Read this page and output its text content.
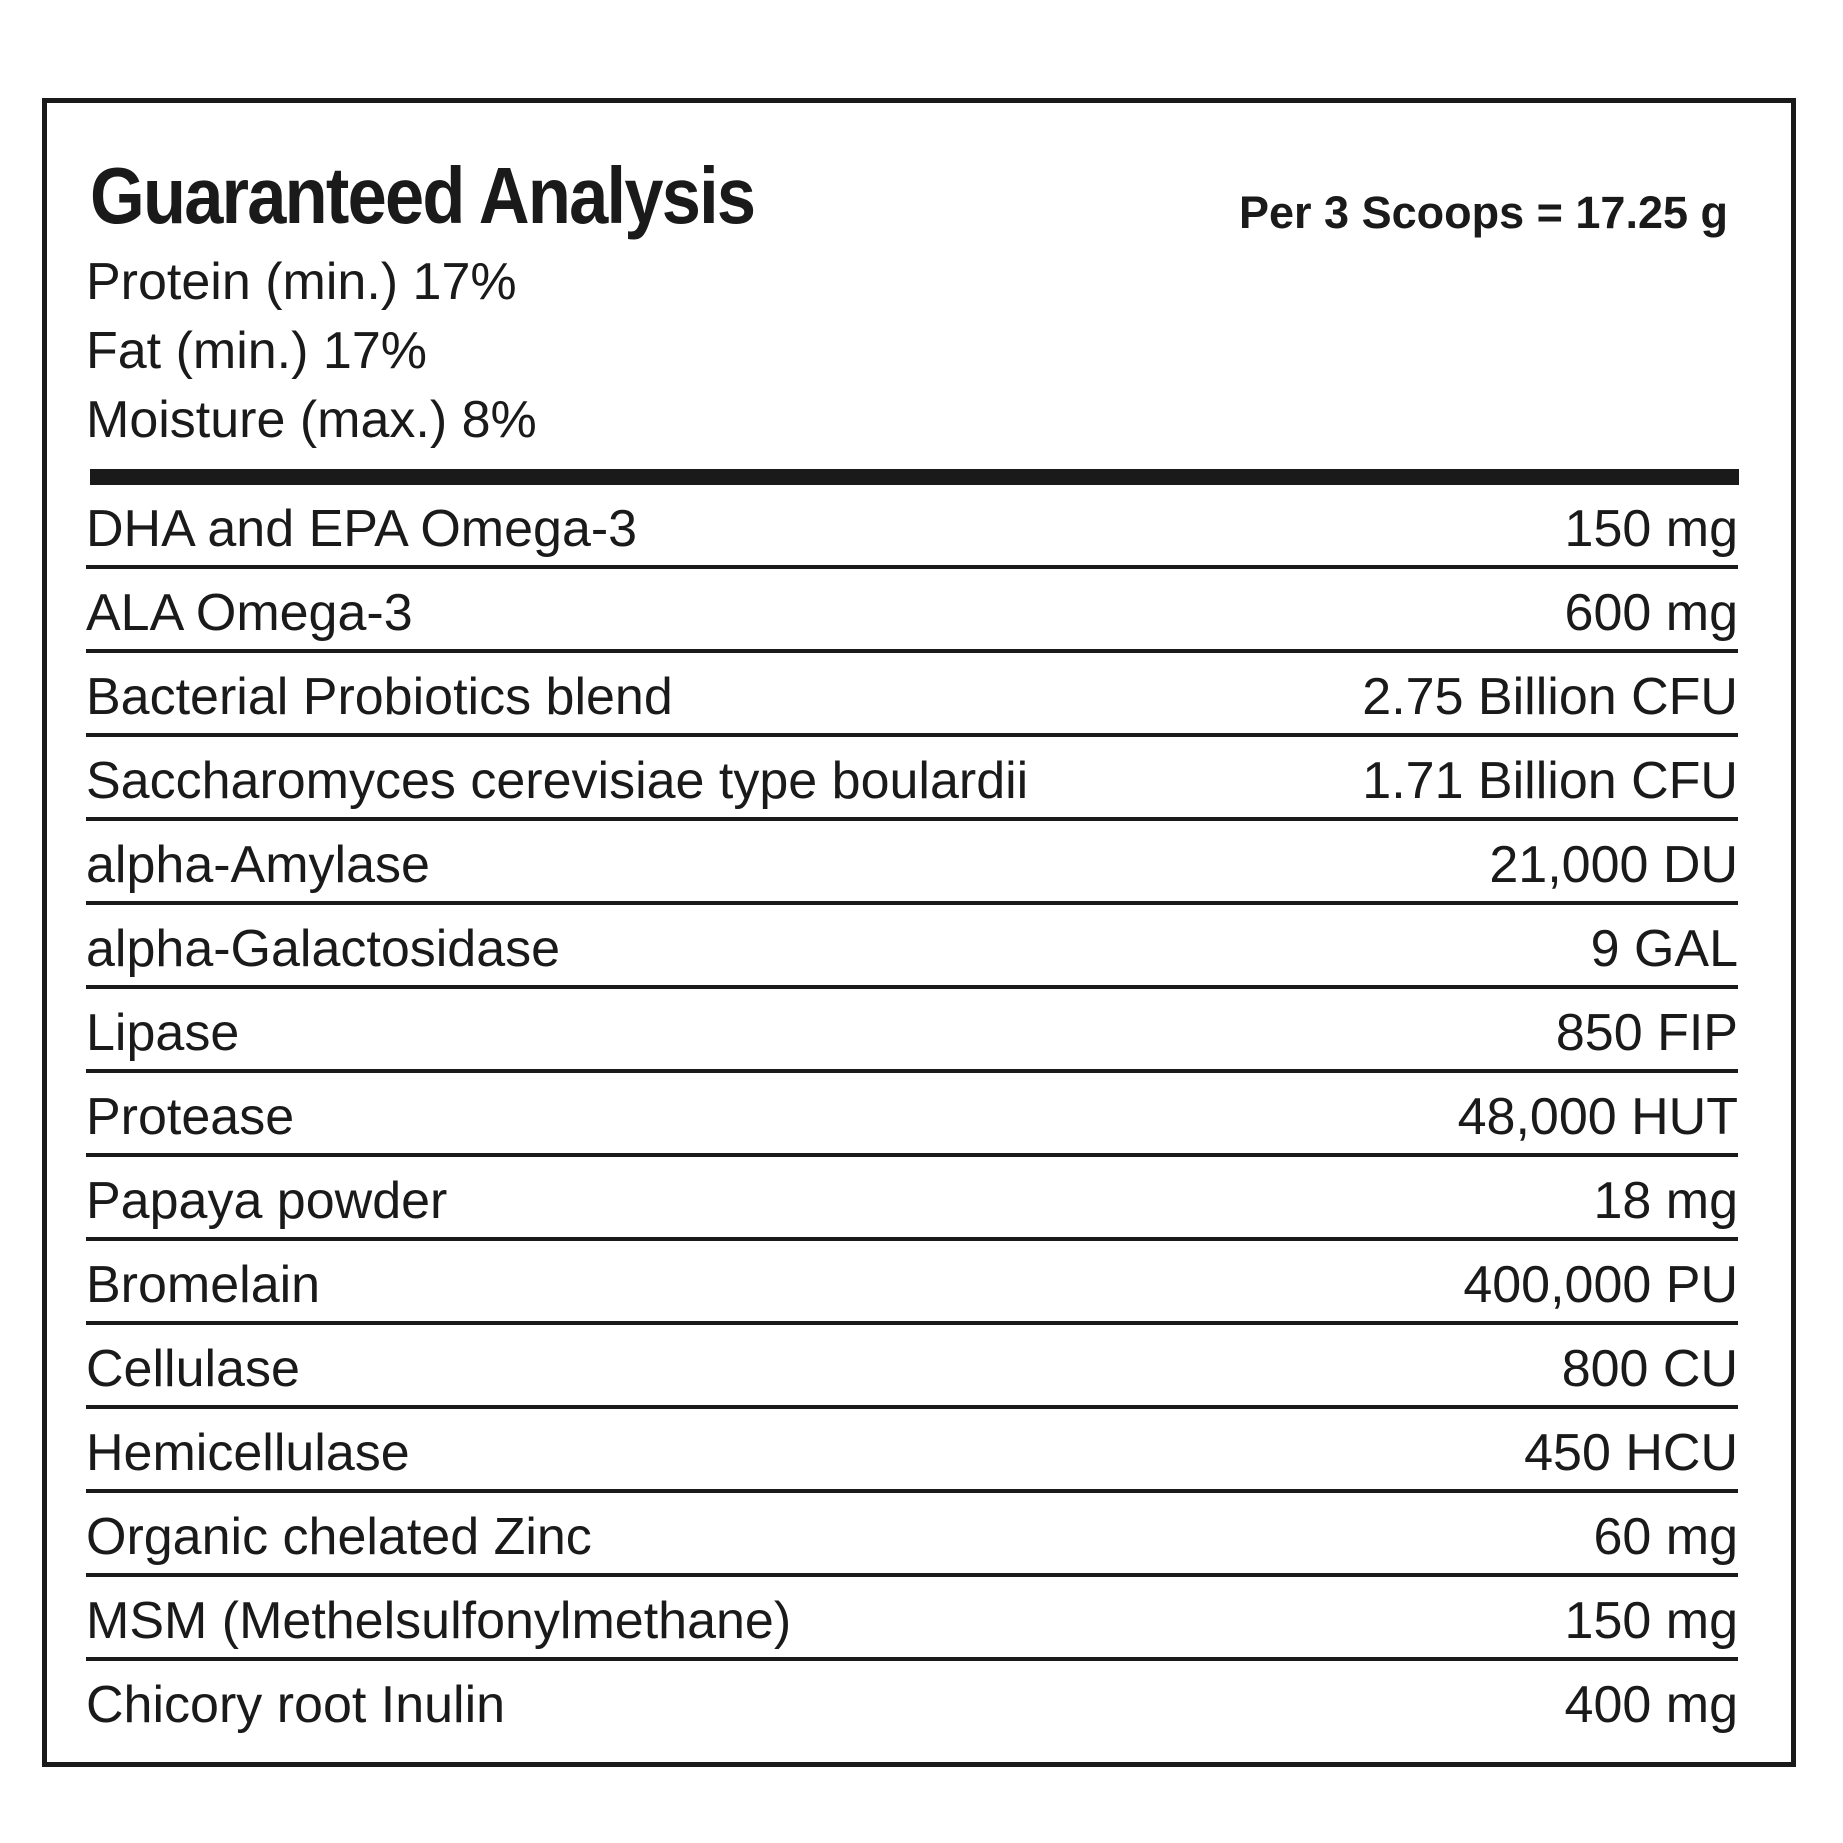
Guaranteed Analysis	Per 3 Scoops = 17.25 g
Protein (min.) 17%
Fat (min.) 17%
Moisture (max.) 8%
DHA and EPA Omega-3	150 mg
ALA Omega-3	600 mg
Bacterial Probiotics blend	2.75 Billion CFU
Saccharomyces cerevisiae type boulardii	1.71 Billion CFU
alpha-Amylase	21,000 DU
alpha-Galactosidase	9 GAL
Lipase	850 FIP
Protease	48,000 HUT
Papaya powder	18 mg
Bromelain	400,000 PU
Cellulase	800 CU
Hemicellulase	450 HCU
Organic chelated Zinc	60 mg
MSM (Methelsulfonylmethane)	150 mg
Chicory root Inulin	400 mg
